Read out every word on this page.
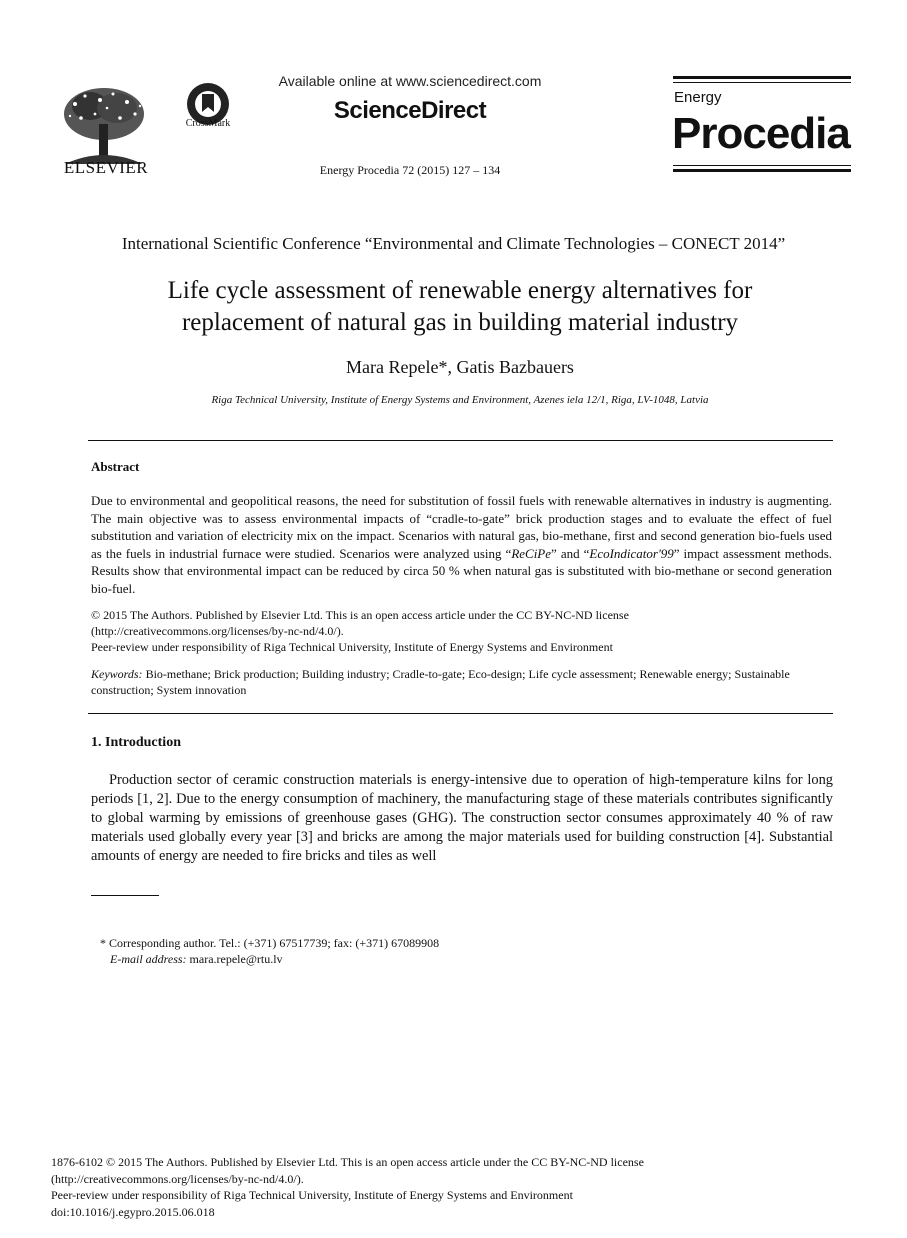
ELSEVIER
CrossMark
Available online at www.sciencedirect.com
ScienceDirect
Energy Procedia 72 (2015) 127 – 134
Energy
Procedia
International Scientific Conference “Environmental and Climate Technologies – CONECT 2014”
Life cycle assessment of renewable energy alternatives for
replacement of natural gas in building material industry
Mara Repele*, Gatis Bazbauers
Riga Technical University, Institute of Energy Systems and Environment, Azenes iela 12/1, Riga, LV-1048, Latvia
Abstract
Due to environmental and geopolitical reasons, the need for substitution of fossil fuels with renewable alternatives in industry is augmenting. The main objective was to assess environmental impacts of “cradle-to-gate” brick production stages and to evaluate the effect of fuel substitution and variation of electricity mix on the impact. Scenarios with natural gas, bio-methane, first and second generation bio-fuels used as the fuels in industrial furnace were studied. Scenarios were analyzed using “ReCiPe” and “EcoIndicator'99” impact assessment methods. Results show that environmental impact can be reduced by circa 50 % when natural gas is substituted with bio-methane or second generation bio-fuel.
© 2015 The Authors. Published by Elsevier Ltd. This is an open access article under the CC BY-NC-ND license
(http://creativecommons.org/licenses/by-nc-nd/4.0/).
Peer-review under responsibility of Riga Technical University, Institute of Energy Systems and Environment
Keywords: Bio-methane; Brick production; Building industry; Cradle-to-gate; Eco-design; Life cycle assessment; Renewable energy; Sustainable construction; System innovation
1. Introduction
Production sector of ceramic construction materials is energy-intensive due to operation of high-temperature kilns for long periods [1, 2]. Due to the energy consumption of machinery, the manufacturing stage of these materials contributes significantly to global warming by emissions of greenhouse gases (GHG). The construction sector consumes approximately 40 % of raw materials used globally every year [3] and bricks are among the major materials used for building construction [4]. Substantial amounts of energy are needed to fire bricks and tiles as well
* Corresponding author. Tel.: (+371) 67517739; fax: (+371) 67089908
E-mail address: mara.repele@rtu.lv
1876-6102 © 2015 The Authors. Published by Elsevier Ltd. This is an open access article under the CC BY-NC-ND license
(http://creativecommons.org/licenses/by-nc-nd/4.0/).
Peer-review under responsibility of Riga Technical University, Institute of Energy Systems and Environment
doi:10.1016/j.egypro.2015.06.018
